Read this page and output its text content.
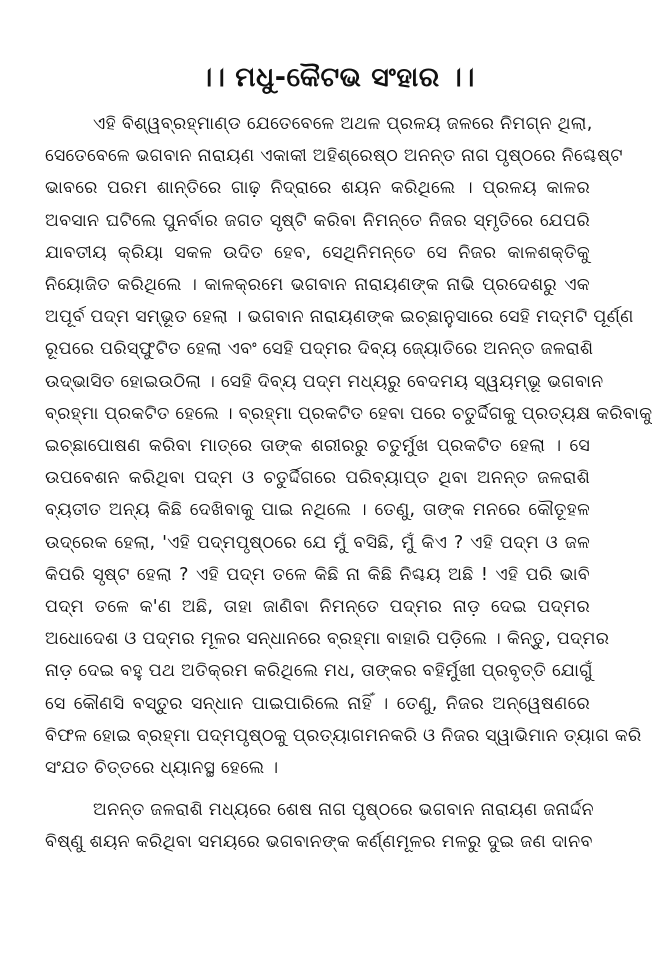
।। ମଧୁ-କୈଟଭ ସଂହାର ।।
ଏହି ବିଶ୍ୱବ୍ରହ୍ମାଣ୍ଡ ଯେତେବେଳେ ଅଥଳ ପ୍ରଳୟ ଜଳରେ ନିମଗ୍ନ ଥିଲା,
ସେତେବେଳେ ଭଗବାନ ନାରାୟଣ ଏକାକୀ ଅହିଶ୍ରେଷ୍ଠ ଅନନ୍ତ ନାଗ ପୃଷ୍ଠରେ ନିଶ୍ଚେଷ୍ଟ
ଭାବରେ ପରମ ଶାନ୍ତିରେ ଗାଢ଼ ନିଦ୍ରାରେ ଶୟନ କରିଥିଲେ । ପ୍ରଳୟ କାଳର
ଅବସାନ ଘଟିଲେ ପୁନର୍ବାର ଜଗତ ସୃଷ୍ଟି କରିବା ନିମନ୍ତେ ନିଜର ସ୍ମୃତିରେ ଯେପରି
ଯାବତୀୟ କ୍ରିୟା ସକଳ ଉଦିତ ହେବ, ସେଥିନିମନ୍ତେ ସେ ନିଜର କାଳଶକ୍ତିକୁ
ନିୟୋଜିତ କରିଥିଲେ । କାଳକ୍ରମେ ଭଗବାନ ନାରାୟଣଙ୍କ ନାଭି ପ୍ରଦେଶରୁ ଏକ
ଅପୂର୍ବ ପଦ୍ମ ସମ୍ଭୂତ ହେଲା । ଭଗବାନ ନାରାୟଣଙ୍କ ଇଚ୍ଛାନୁସାରେ ସେହି ମଦ୍ମଟି ପୂର୍ଣ୍ଣ
ରୂପରେ ପରିସ୍ଫୁଟିତ ହେଲା ଏବଂ ସେହି ପଦ୍ମର ଦିବ୍ୟ ଜ୍ୟୋତିରେ ଅନନ୍ତ ଜଳରାଶି
ଉଦ୍‌ଭାସିତ ହୋଇଉଠିଲା । ସେହି ଦିବ୍ୟ ପଦ୍ମ ମଧ୍ୟରୁ ବେଦମୟ ସ୍ୱୟମ୍ଭୂ ଭଗବାନ
ବ୍ରହ୍ମା ପ୍ରକଟିତ ହେଲେ । ବ୍ରହ୍ମା ପ୍ରକଟିତ ହେବା ପରେ ଚତୁର୍ଦ୍ଦିଗକୁ ପ୍ରତ୍ୟକ୍ଷ କରିବାକୁ
ଇଚ୍ଛାପୋଷଣ କରିବା ମାତ୍ରେ ତାଙ୍କ ଶରୀରରୁ ଚତୁର୍ମୁଖ ପ୍ରକଟିତ ହେଲା । ସେ
ଉପବେଶନ କରିଥିବା ପଦ୍ମ ଓ ଚତୁର୍ଦ୍ଦିଗରେ ପରିବ୍ୟାପ୍ତ ଥିବା ଅନନ୍ତ ଜଳରାଶି
ବ୍ୟତୀତ ଅନ୍ୟ କିଛି ଦେଖିବାକୁ ପାଇ ନଥିଲେ । ତେଣୁ, ତାଙ୍କ ମନରେ କୌତୂହଳ
ଉଦ୍ରେକ ହେଲା, 'ଏହି ପଦ୍ମପୃଷ୍ଠରେ ଯେ ମୁଁ ବସିଛି, ମୁଁ କିଏ ? ଏହି ପଦ୍ମ ଓ ଜଳ
କିପରି ସୃଷ୍ଟ ହେଲା ? ଏହି ପଦ୍ମ ତଳେ କିଛି ନା କିଛି ନିଶ୍ଚୟ ଅଛି ! ଏହି ପରି ଭାବି
ପଦ୍ମ ତଳେ କ'ଣ ଅଛି, ତାହା ଜାଣିବା ନିମନ୍ତେ ପଦ୍ମର ନାଡ଼ ଦେଇ ପଦ୍ମର
ଅଧୋଦେଶ ଓ ପଦ୍ମର ମୂଳର ସନ୍ଧାନରେ ବ୍ରହ୍ମା ବାହାରି ପଡ଼ିଲେ । କିନ୍ତୁ, ପଦ୍ମର
ନାଡ଼ ଦେଇ ବହୁ ପଥ ଅତିକ୍ରମ କରିଥିଲେ ମଧ, ତାଙ୍କର ବହିର୍ମୁଖୀ ପ୍ରବୃତ୍ତି ଯୋଗୁଁ
ସେ କୌଣସି ବସ୍ତୁର ସନ୍ଧାନ ପାଇପାରିଲେ ନାହିଁ । ତେଣୁ, ନିଜର ଅନ୍ୱେଷଣରେ
ବିଫଳ ହୋଇ ବ୍ରହ୍ମା ପଦ୍ମପୃଷ୍ଠକୁ ପ୍ରତ୍ୟାଗମନକରି ଓ ନିଜର ସ୍ୱାଭିମାନ ତ୍ୟାଗ କରି
ସଂଯତ ଚିତ୍ତରେ ଧ୍ୟାନସ୍ଥ ହେଲେ ।
ଅନନ୍ତ ଜଳରାଶି ମଧ୍ୟରେ ଶେଷ ନାଗ ପୃଷ୍ଠରେ ଭଗବାନ ନାରାୟଣ ଜନାର୍ଦ୍ଦନ
ବିଷ୍ଣୁ ଶୟନ କରିଥିବା ସମୟରେ ଭଗବାନଙ୍କ କର୍ଣ୍ଣମୂଳର ମଳରୁ ଦୁଇ ଜଣ ଦାନବ
